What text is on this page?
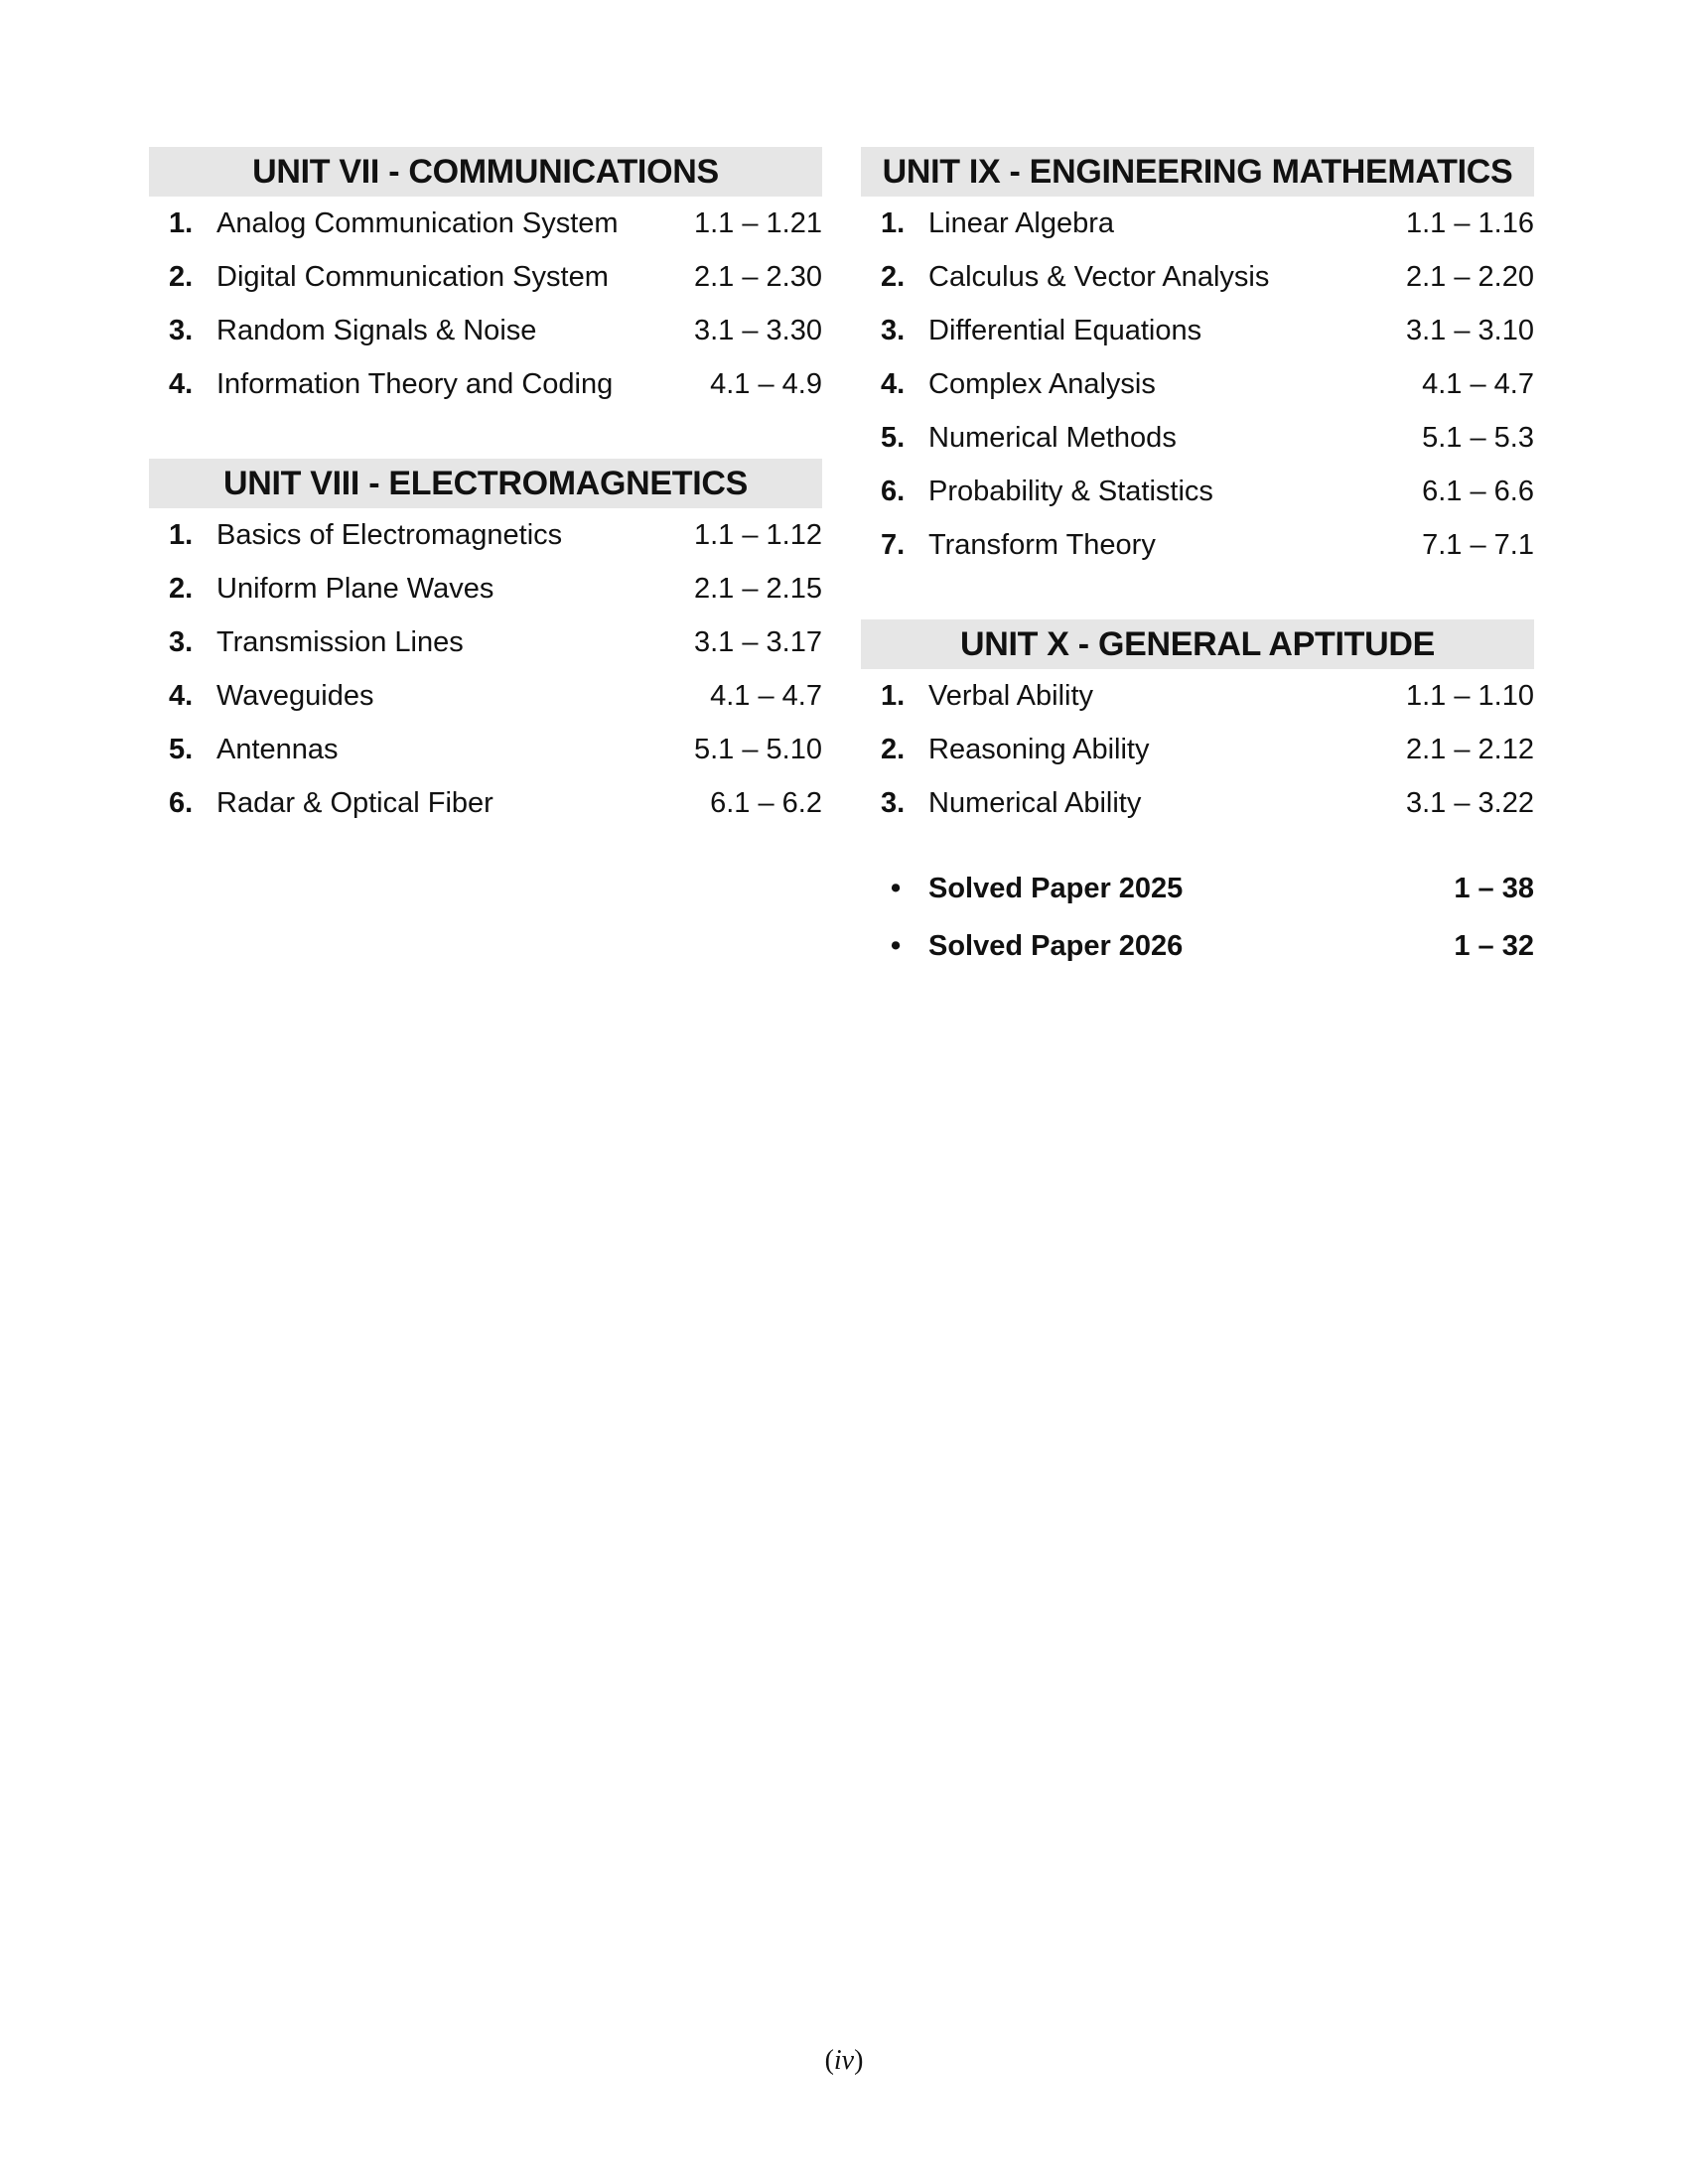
UNIT VII - COMMUNICATIONS
1. Analog Communication System	1.1 – 1.21
2. Digital Communication System	2.1 – 2.30
3. Random Signals & Noise	3.1 – 3.30
4. Information Theory and Coding	4.1 – 4.9
UNIT VIII - ELECTROMAGNETICS
1. Basics of Electromagnetics	1.1 – 1.12
2. Uniform Plane Waves	2.1 – 2.15
3. Transmission Lines	3.1 – 3.17
4. Waveguides	4.1 – 4.7
5. Antennas	5.1 – 5.10
6. Radar & Optical Fiber	6.1 – 6.2
UNIT IX - ENGINEERING MATHEMATICS
1. Linear Algebra	1.1 – 1.16
2. Calculus & Vector Analysis	2.1 – 2.20
3. Differential Equations	3.1 – 3.10
4. Complex Analysis	4.1 – 4.7
5. Numerical Methods	5.1 – 5.3
6. Probability & Statistics	6.1 – 6.6
7. Transform Theory	7.1 – 7.1
UNIT X - GENERAL APTITUDE
1. Verbal Ability	1.1 – 1.10
2. Reasoning Ability	2.1 – 2.12
3. Numerical Ability	3.1 – 3.22
• Solved Paper 2025	1 – 38
• Solved Paper 2026	1 – 32
(iv)
